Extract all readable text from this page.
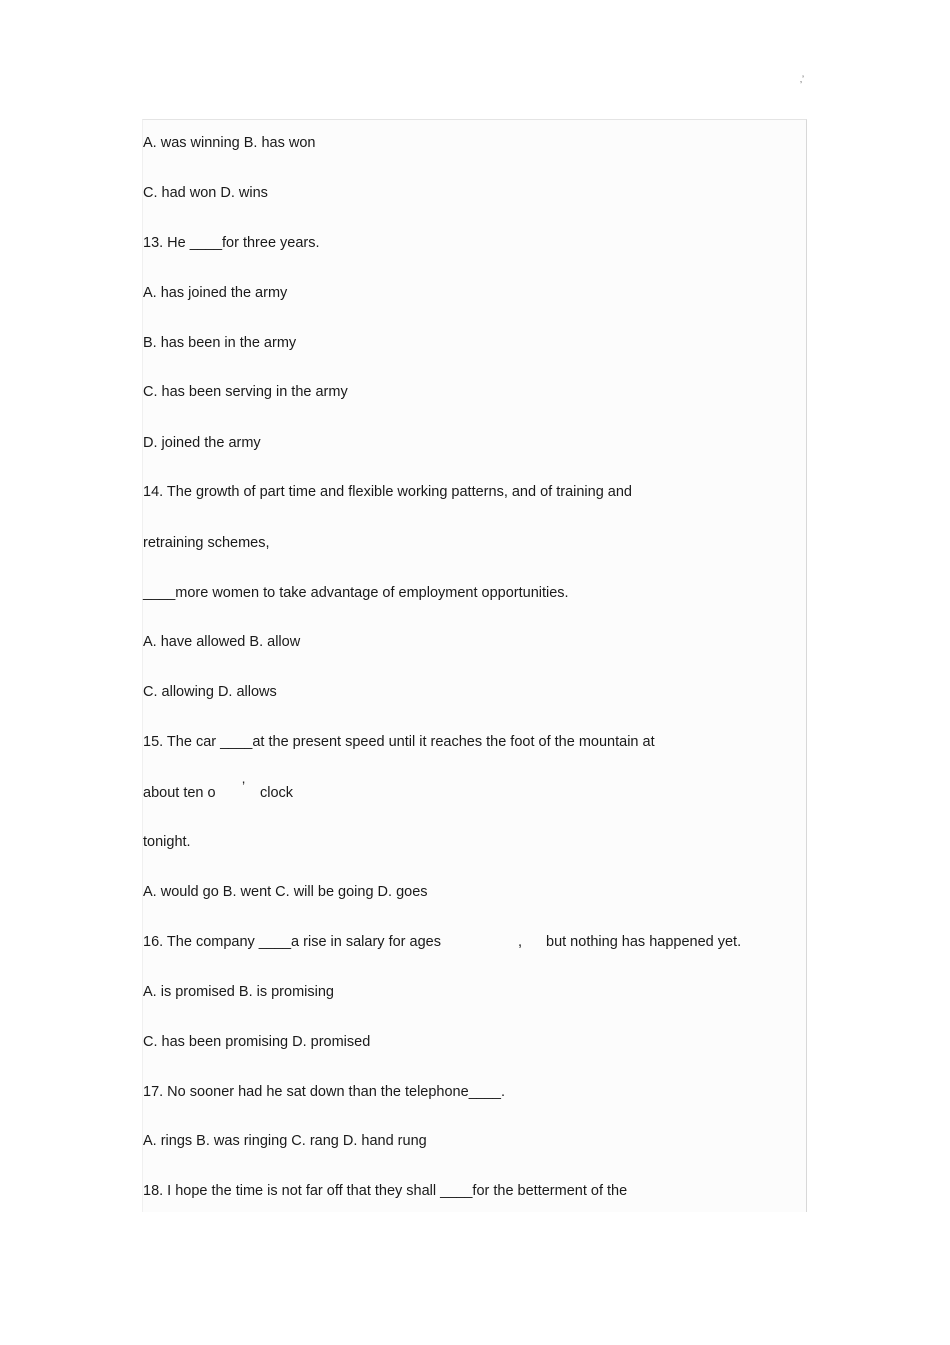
‚’
A. was winning B. has won
C. had won D. wins
13. He ____for three years.
A. has joined the army
B. has been in the army
C. has been serving in the army
D. joined the army
14. The growth of part time and flexible working patterns, and of training and
retraining schemes,
____more women to take advantage of employment opportunities.
A. have allowed B. allow
C. allowing D. allows
15. The car ____at the present speed until it reaches the foot of the mountain at
about ten o ’ clock
tonight.
A. would go B. went C. will be going D. goes
16. The company ____a rise in salary for ages	, but nothing has happened yet.
A. is promised B. is promising
C. has been promising D. promised
17. No sooner had he sat down than the telephone____.
A. rings B. was ringing C. rang D. hand rung
18. I hope the time is not far off that they shall ____for the betterment of the
